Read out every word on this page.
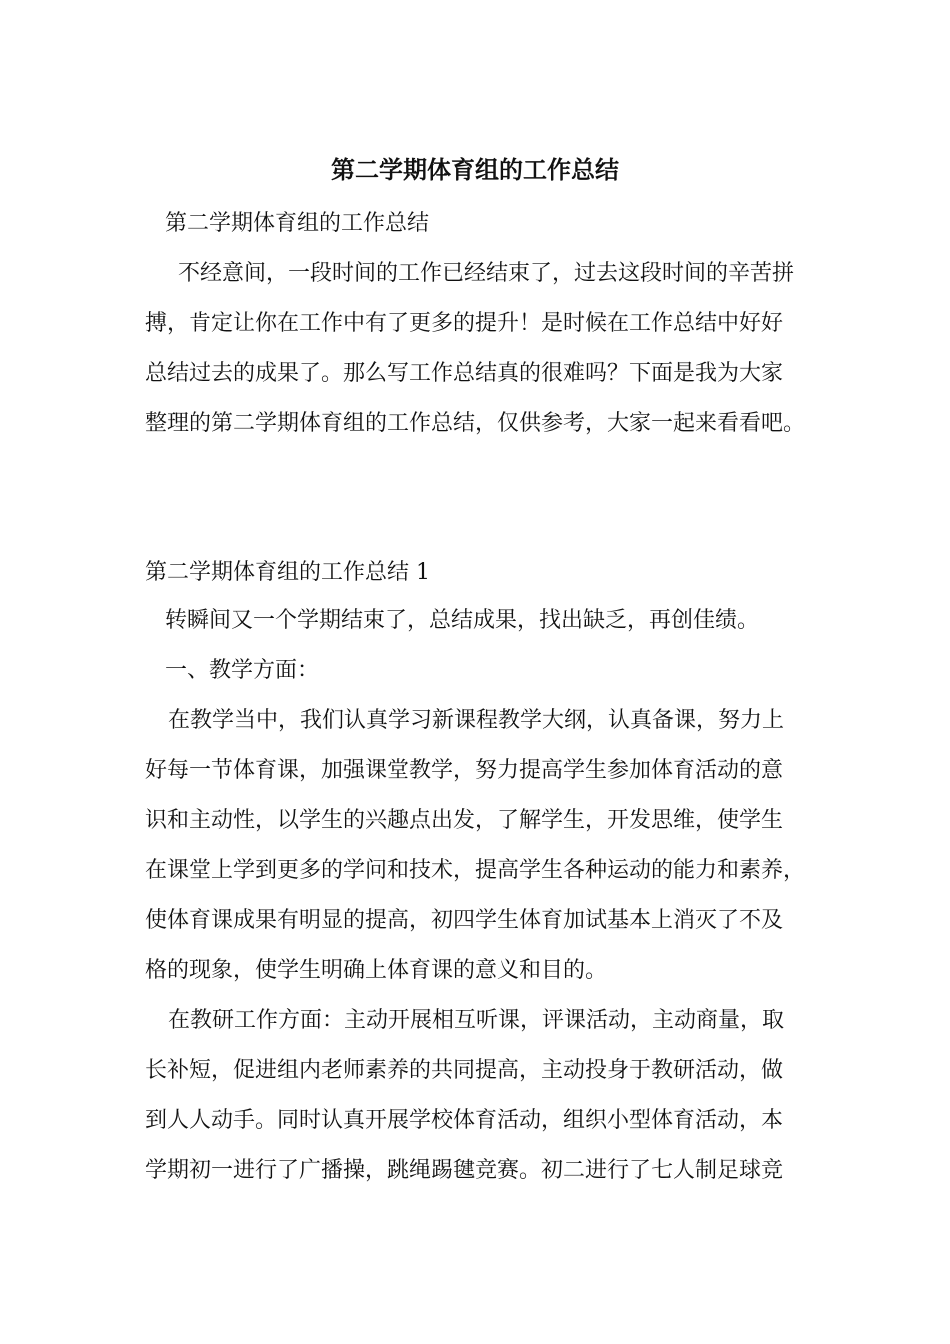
第二学期体育组的工作总结

第二学期体育组的工作总结

不经意间，一段时间的工作已经结束了，过去这段时间的辛苦拼

搏，肯定让你在工作中有了更多的提升！是时候在工作总结中好好

总结过去的成果了。那么写工作总结真的很难吗？下面是我为大家

整理的第二学期体育组的工作总结，仅供参考，大家一起来看看吧。

第二学期体育组的工作总结 1

转瞬间又一个学期结束了，总结成果，找出缺乏，再创佳绩。

一、教学方面：

在教学当中，我们认真学习新课程教学大纲，认真备课，努力上

好每一节体育课，加强课堂教学，努力提高学生参加体育活动的意

识和主动性，以学生的兴趣点出发，了解学生，开发思维，使学生

在课堂上学到更多的学问和技术，提高学生各种运动的能力和素养，

使体育课成果有明显的提高，初四学生体育加试基本上消灭了不及

格的现象，使学生明确上体育课的意义和目的。

在教研工作方面：主动开展相互听课，评课活动，主动商量，取

长补短，促进组内老师素养的共同提高，主动投身于教研活动，做

到人人动手。同时认真开展学校体育活动，组织小型体育活动，本

学期初一进行了广播操，跳绳踢毽竞赛。初二进行了七人制足球竞
